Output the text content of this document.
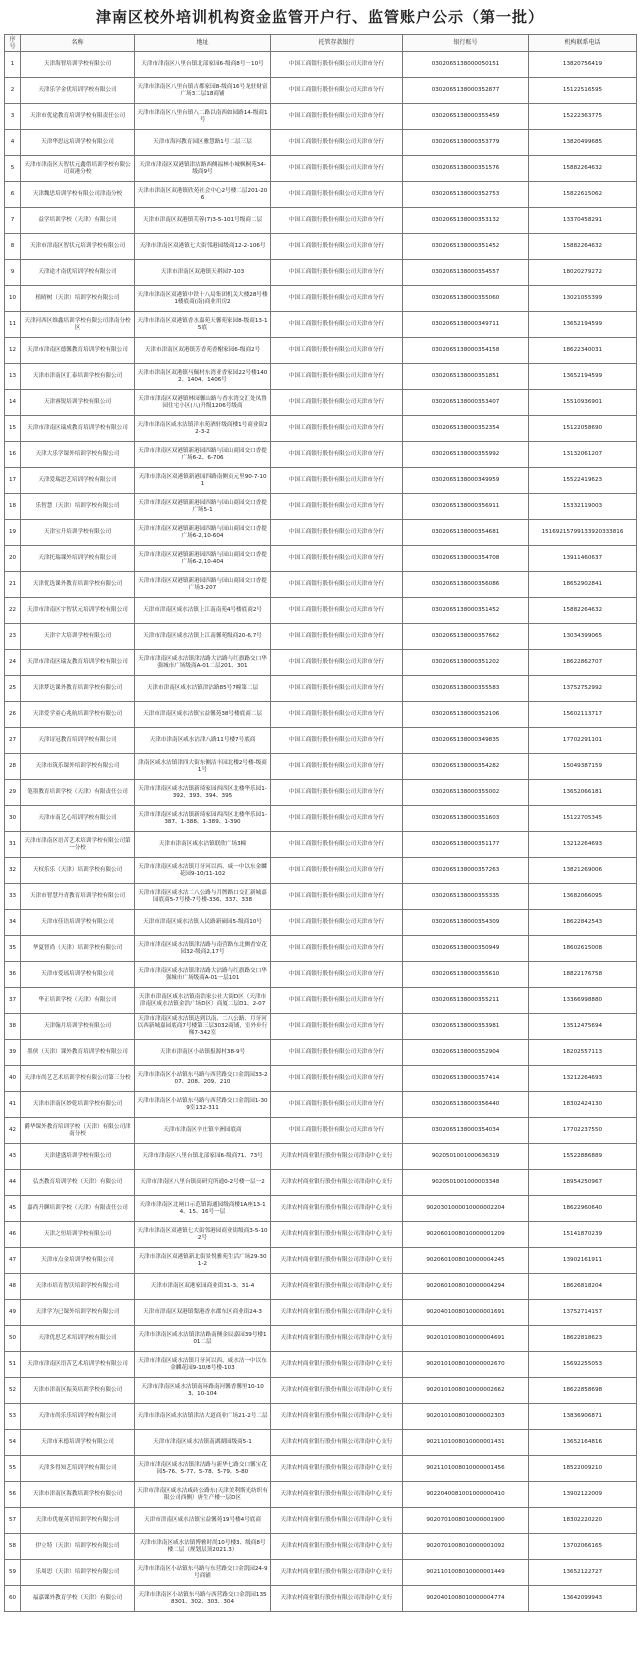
津南区校外培训机构资金监管开户行、监管账户公示（第一批）
序号	名称	地址	托管存款银行	银行账号	机构联系电话
1	天津海智培训学校有限公司	天津市津南区八里台镇北部家园6-级商8号－10号	中国工商银行股份有限公司天津市分行	0302065138000050151	13820756419
2	天津乐学金优培训学校有限公司	天津市津南区八里台镇吉都家园8-级商16号龙驻财富广场3二层18商铺	中国工商银行股份有限公司天津市分行	0302065138000352877	15122516595
3	天津市优途教育培训学校有限责任公司	天津市津南区八里台镇八二路以南西如园路14-级商1号	中国工商银行股份有限公司天津市分行	0302065138000355459	15222363775
4	天津华思远培训学校有限公司	天津市海河教育园区雅慧路1号二层三层	中国工商银行股份有限公司天津市分行	0302065138000353779	13820499685
5	天津市津南区天智状元鑫借培训学校有限公司双港分校	天津市津南区双港镇津沽路西侧福林小城枫桐苑34-级商9号	中国工商银行股份有限公司天津市分行	0302065138000351576	15882264632
6	天津魏思培训学校有限公司津南分校	天津市津南区双港镇欣苑社会中心2号楼二层201-206	中国工商银行股份有限公司天津市分行	0302065138000352753	15822615062
7	益学培训学校（天津）有限公司	天津市津南区双港镇芙蓉(7)3-5-101号级商二层	中国工商银行股份有限公司天津市分行	0302065138000353132	13370458291
8	天津市津南区智状元培训学校有限公司	天津市津南区双港镇七大街邻港园级商12-2-106号	中国工商银行股份有限公司天津市分行	0302065138000351452	15882264632
9	天津途才南优培训学校有限公司	天津市津南区双港镇天祺园7-103	中国工商银行股份有限公司天津市分行	0302065138000354557	18020279272
10	植晴树（天津）培训学校有限公司	天津市津南区双港镇中铁十八局集团机关大楼28号楼1楼底商(南)商业用房2	中国工商银行股份有限公司天津市分行	0302065138000355060	13021055399
11	天津河西区维鑫培训学校有限公司津南分校区	天津市津南区双港镇香水嘉苑天馨苑家园8-级商13-15底	中国工商银行股份有限公司天津市分行	0302065138000349711	13652194599
12	天津市津南区德馨教育培训学校有限公司	天津市津南区双港镇芳香苑香榭家园6-级商2号	中国工商银行股份有限公司天津市分行	0302065138000354158	18622340031
13	天津市津南区汇泰培训学校有限公司	天津市津南区双港镇马佩村东湾亚香家园22号楼1402、1404、1406号	中国工商银行股份有限公司天津市分行	0302065138000351851	13652194599
14	天津睿锐培训学校有限公司	天津市津南区双港镇林园馨山路与香水湾交汇处凤鲁园住宅小区(八)升级1206号级商	中国工商银行股份有限公司天津市分行	0302065138000353407	15510936901
15	天津市津南区瑞成教育培训学校有限公司	天津市津南区咸水沽镇洋水苑酒轩级商楼1号商业街22-3-2	中国工商银行股份有限公司天津市分行	0302065138000352354	15122058690
16	天津大乐学课外培训学校有限公司	天津市津南区双港镇新港园四路与园山商园交口香提广场6-2、6-706	中国工商银行股份有限公司天津市分行	0302065138000355992	13132061207
17	天津爱瑞思艺培训学校有限公司	天津市津南区双港镇新港园四路南侧贡元里90-7-101	中国工商银行股份有限公司天津市分行	0302065138000349959	15522419623
18	乐智慧（天津）培训学校有限公司	天津市津南区双港镇新港园四路与园山商园交口香提广场5-1	中国工商银行股份有限公司天津市分行	0302065138000356911	15332119003
19	天津宝升培训学校有限公司	天津市津南区双港镇新港园四路与园山商园交口香提广场6-2,10-604	中国工商银行股份有限公司天津市分行	0302065138000354681	15169215799133920333816
20	天津托瑞课外培训学校有限公司	天津市津南区双港镇新港园四路与园山商园交口香提广场6-2,10-404	中国工商银行股份有限公司天津市分行	0302065138000354708	13911460637
21	天津优选课外教育培训学校有限公司	天津市津南区双港镇新港园四路与园山商园交口香提广场3-207	中国工商银行股份有限公司天津市分行	0302065138000356086	18652902841
22	天津市津南区宇智状元培训学校有限公司	天津市津南区咸水沽镇上江南南苑4号楼底商2号	中国工商银行股份有限公司天津市分行	0302065138000351452	15882264632
23	天津宇大培训学校有限公司	天津市津南区咸水沽镇上江南馨苑级商20-6,7号	中国工商银行股份有限公司天津市分行	0302065138000357662	13034399065
24	天津市津南区瑞友教育培训学校有限公司	天津市津南区咸水沽镇津沽路大沽路与红旗路交口华强城市广场级商A-01二层201、301	中国工商银行股份有限公司天津市分行	0302065138000351202	18622862707
25	天津梦达课外教育培训学校有限公司	天津市津南区咸水沽镇津沽路85号7幢第二层	中国工商银行股份有限公司天津市分行	0302065138000355583	13752752992
26	天津爱学童心兆航培训学校有限公司	天津市津南区咸水沽镇宝益馨苑38号楼底商二层	中国工商银行股份有限公司天津市分行	0302065138000352106	15602113717
27	天津诗冠教育培训学校有限公司	天津市津南区咸水沽津八路11号楼7号底商	中国工商银行股份有限公司天津市分行	0302065138000349835	17702291101
28	天津市筑乐课外培训学校有限公司	津南区咸水沽镇津四大街东侧洁丰园北楼2号楼-级商1号	中国工商银行股份有限公司天津市分行	0302065138000354282	15049387159
29	笔墨教育培训学校（天津）有限责任公司	天津市津南区咸水沽镇新琦家园西四区北楼华乐园1-392、393、394、395	中国工商银行股份有限公司天津市分行	0302065138000355002	13652066181
30	天津市南艺心培训学校有限公司	天津市津南区咸水沽镇新琦家园西四区北楼华乐园1-387、1-388、1-389、1-390	中国工商银行股份有限公司天津市分行	0302065138000351603	15122705345
31	天津市津南区语苦艺术培训学校有限公司第一分校	天津市津南区咸水沽镇联欣广场3幢	中国工商银行股份有限公司天津市分行	0302065138000351177	13212264693
32	天权乐乐（天津）培训学校有限公司	天津市津南区咸水沽镇月牙河以西、咸一中以东金麟花园9-10/11-102	中国工商银行股份有限公司天津市分行	0302065138000357263	13821269006
33	天津市智慧丹青教育培训学校有限公司	天津市津南区咸水沽二八公路与月牌路口交汇新城嘉园底商5-7号楼-7号楼-336、337、338	中国工商银行股份有限公司天津市分行	0302065138000355335	13682066095
34	天津市佳语培训学校有限公司	天津市津南区咸水沽镇人民路新硕园5-级商10号	中国工商银行股份有限公司天津市分行	0302065138000354309	18622842543
35	华夏智尚（天津）培训学校有限公司	天津市津南区咸水沽镇津沽路与南营路东北侧香安花园32-级商2,17号	中国工商银行股份有限公司天津市分行	0302065138000350949	18602615008
36	天津市爱瑶培训学校有限公司	天津市津南区咸水沽镇津沽路大沽路与红旗路交口华强城市广场级商A-01一层101	中国工商银行股份有限公司天津市分行	0302065138000355610	18822176758
37	华正培训学校（天津）有限公司	天津市津南区咸水沽镇南浩家公社大街D区（天津市津南区咸水沽镇金浩广场D区）商厦二层D1、2-07	中国工商银行股份有限公司天津市分行	0302065138000355211	13366998880
38	天津翰月培训学校有限公司	天津市津南区咸水沽镇达到以南、二八公路、月牙河以西新城嘉园底商7号楼第三层3032商铺，室外步行梯7-342室	中国工商银行股份有限公司天津市分行	0302065138000353981	13512475694
39	墨侠（天津）课外教育培训学校有限公司	天津市津南区小站镇报源村38-9号	中国工商银行股份有限公司天津市分行	0302065138000352904	18202557113
40	天津市尚艺艺术培训学校有限公司第三分校	天津市津南区小站镇东马路与西营路交口金凯园33-207、208、209、210	中国工商银行股份有限公司天津市分行	0302065138000357414	13212264693
41	天津市津南区妙乾培训学校有限公司	天津市津南区小站镇东马路与西营路交口金凯园1-309室132-311	中国工商银行股份有限公司天津市分行	0302065138000356440	18302424130
42	爵华课外教育培训学校（天津）有限公司津南分校	天津市津南区辛庄镇辛洲园底商	中国工商银行股份有限公司天津市分行	0302065138000354034	17702237550
43	天津建盛培训学校有限公司	天津市津南区八里台镇北部家园6-级商71、73号	天津农村商业银行股份有限公司津南中心支行	9020501001000636319	15522886889
44	弘杰教育培训学校（天津）有限公司	天津市津南区八里台镇高研究所通0-2号楼一层一2	天津农村商业银行股份有限公司津南中心支行	9020501001000003348	18954250967
45	嘉尚升聊培训学校（天津）有限责任公司	天津市津南区北闸口示范镇海通园级商楼1A座13-14、15、16号一层	天津农村商业银行股份有限公司津南中心支行	9020301000010000002204	18622960640
46	天津之恒培训学校有限公司	天津市津南区双港镇七大街邻港园商业街级商3-5-102号	天津农村商业银行股份有限公司津南中心支行	9020601008010000001209	15141870239
47	天津市点金培训学校有限公司	天津市津南区双港镇新北街景悦雅苑生活广场29-301-2	天津农村商业银行股份有限公司津南中心支行	9020601008010000004245	13902161911
48	天津市培育智沃培训学校有限公司	天津市津南区双港家园商业街31-3、31-4	天津农村商业银行股份有限公司津南中心支行	9020601008010000004294	18626818204
49	天津学为已课外培训学校有限公司	天津市津南区双港镇梨港香水郡东区商业街24-3	天津农村商业银行股份有限公司津南中心支行	9020401008010000001691	13752714157
50	天津优思艺术培训学校有限公司	天津市津南区咸水沽镇津沽路南侧金辰嘉园39号楼101二层	天津农村商业银行股份有限公司津南中心支行	9020101008010000004691	18622818623
51	天津市津南区语苦艺术培训学校有限公司	天津市津南区咸水沽镇月牙河以西、咸水沽一中以东金麟花园9-10/8号楼-103	天津农村商业银行股份有限公司津南中心支行	9020101008010000002670	15692255053
52	天津市津南区振英培训学校有限公司	天津市津南区咸水沽镇南环路南河馨香馨里10-103、10-104	天津农村商业银行股份有限公司津南中心支行	9020101008010000002662	18622858698
53	天津市尚乐乐培训学校有限公司	天津市津南区咸水沽镇津沽大道商业广场21-2号二层	天津农村商业银行股份有限公司津南中心支行	9020101008010000002303	13836906871
54	天津市禾德培训学校有限公司	天津市津南区咸水沽镇南湖湖园级商5-1	天津农村商业银行股份有限公司津南中心支行	9021101008010000001431	13652164816
55	天津多得知艺培训学校有限公司	天津市津南区咸水沽镇津沽路与新华七路交口馨宝花园5-76、5-77、5-78、5-79、5-80	天津农村商业银行股份有限公司津南中心支行	9021101008010000001456	18522009210
56	天津市津南区海教培训学校有限公司	天津市津南区咸水沽咸砖公路东(天津美利斯光纺织有限公司西侧）唐生产楼一层D区	天津农村商业银行股份有限公司津南中心支行	9022040081001000000410	13902122009
57	天津市优视英语培训学校有限公司	天津市津南区咸水沽镇宝益馨苑19号楼4号底商	天津农村商业银行股份有限公司津南中心支行	9020701008010000001900	18302220220
58	伊立特（天津）培训学校有限公司	天津市津南区咸水沽镇博雅时尚10号楼3、级商8号楼二层（规划层顶2021.3）	天津农村商业银行股份有限公司津南中心支行	9020701008010000001092	13702066165
59	乐周思（天津）培训学校有限公司	天津市津南区小站镇东马路与东营路交口金凯园24-9号商铺	天津农村商业银行股份有限公司津南中心支行	9021101008010000001449	13652122727
60	福嘉课外教育学校（天津）有限公司	天津市津南区小站镇东马路与西营路交口金凯园1358301、302、303、304	天津农村商业银行股份有限公司津南中心支行	9020401008010000004774	13642099943
